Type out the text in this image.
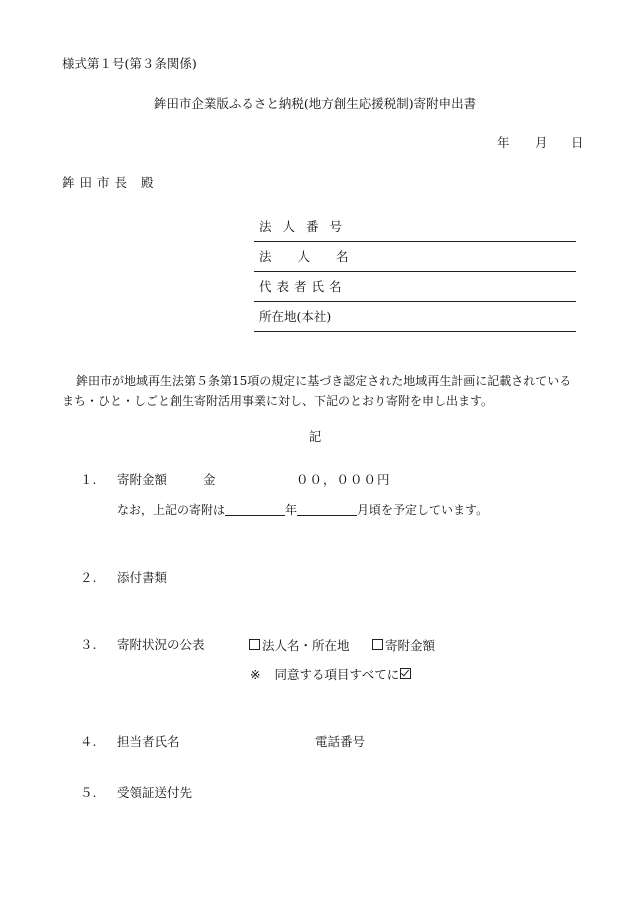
様式第１号(第３条関係)
鉾田市企業版ふるさと納税(地方創生応援税制)寄附申出書
年 月 日
鉾田市長 殿
法人番号
法人名
代表者氏名
所在地(本社)
鉾田市が地域再生法第５条第15項の規定に基づき認定された地域再生計画に記載されているまち・ひと・しごと創生寄附活用事業に対し、下記のとおり寄附を申し出ます。
記
１. 寄附金額	金	００，０００円
なお，上記の寄附は	年	月頃を予定しています。
２. 添付書類
３. 寄附状況の公表	法人名・所在地	寄附金額
※ 同意する項目すべてに
４. 担当者氏名	電話番号
５. 受領証送付先
